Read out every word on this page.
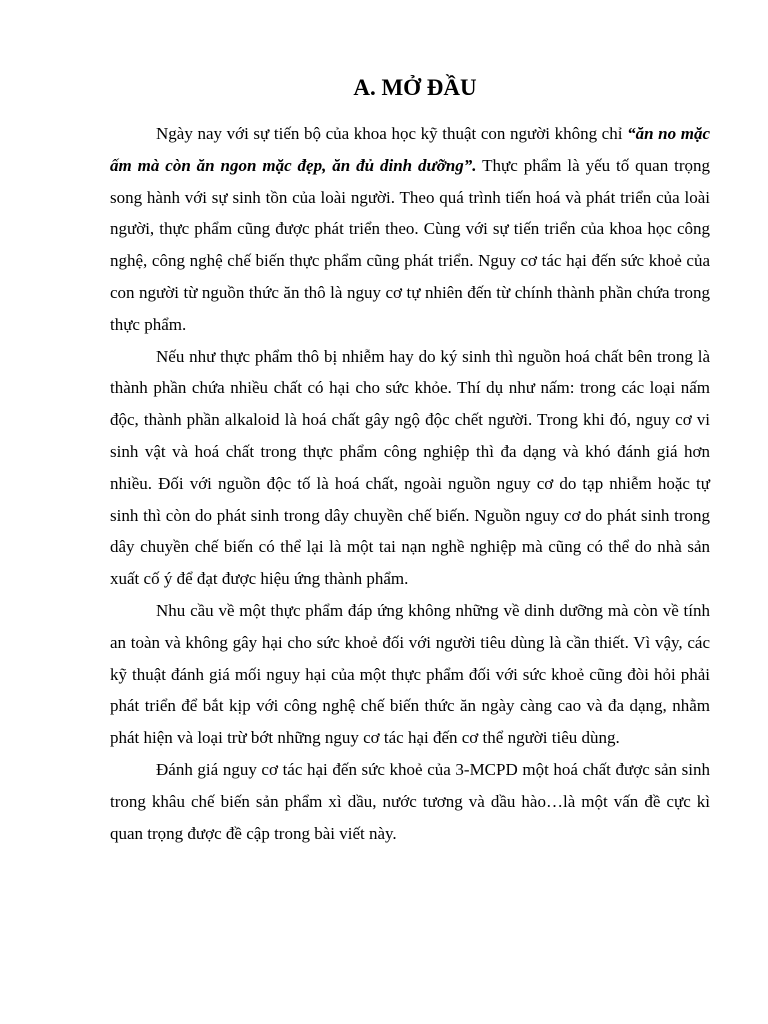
A. MỞ ĐẦU

Ngày nay với sự tiến bộ của khoa học kỹ thuật con người không chỉ “ăn no mặc ấm mà còn ăn ngon mặc đẹp, ăn đủ dinh dưỡng”. Thực phẩm là yếu tố quan trọng song hành với sự sinh tồn của loài người. Theo quá trình tiến hoá và phát triển của loài người, thực phẩm cũng được phát triển theo. Cùng với sự tiến triển của khoa học công nghệ, công nghệ chế biến thực phẩm cũng phát triển. Nguy cơ tác hại đến sức khoẻ của con người từ nguồn thức ăn thô là nguy cơ tự nhiên đến từ chính thành phần chứa trong thực phẩm.

Nếu như thực phẩm thô bị nhiễm hay do ký sinh thì nguồn hoá chất bên trong là thành phần chứa nhiều chất có hại cho sức khỏe. Thí dụ như nấm: trong các loại nấm độc, thành phần alkaloid là hoá chất gây ngộ độc chết người. Trong khi đó, nguy cơ vi sinh vật và hoá chất trong thực phẩm công nghiệp thì đa dạng và khó đánh giá hơn nhiều. Đối với nguồn độc tố là hoá chất, ngoài nguồn nguy cơ do tạp nhiễm hoặc tự sinh thì còn do phát sinh trong dây chuyền chế biến. Nguồn nguy cơ do phát sinh trong dây chuyền chế biến có thể lại là một tai nạn nghề nghiệp mà cũng có thể do nhà sản xuất cố ý để đạt được hiệu ứng thành phẩm.

Nhu cầu về một thực phẩm đáp ứng không những về dinh dưỡng mà còn về tính an toàn và không gây hại cho sức khoẻ đối với người tiêu dùng là cần thiết. Vì vậy, các kỹ thuật đánh giá mối nguy hại của một thực phẩm đối với sức khoẻ cũng đòi hỏi phải phát triển để bắt kịp với công nghệ chế biến thức ăn ngày càng cao và đa dạng, nhằm phát hiện và loại trừ bớt những nguy cơ tác hại đến cơ thể người tiêu dùng.

Đánh giá nguy cơ tác hại đến sức khoẻ của 3-MCPD một hoá chất được sản sinh trong khâu chế biến sản phẩm xì dầu, nước tương và dầu hào…là một vấn đề cực kì quan trọng được đề cập trong bài viết này.
